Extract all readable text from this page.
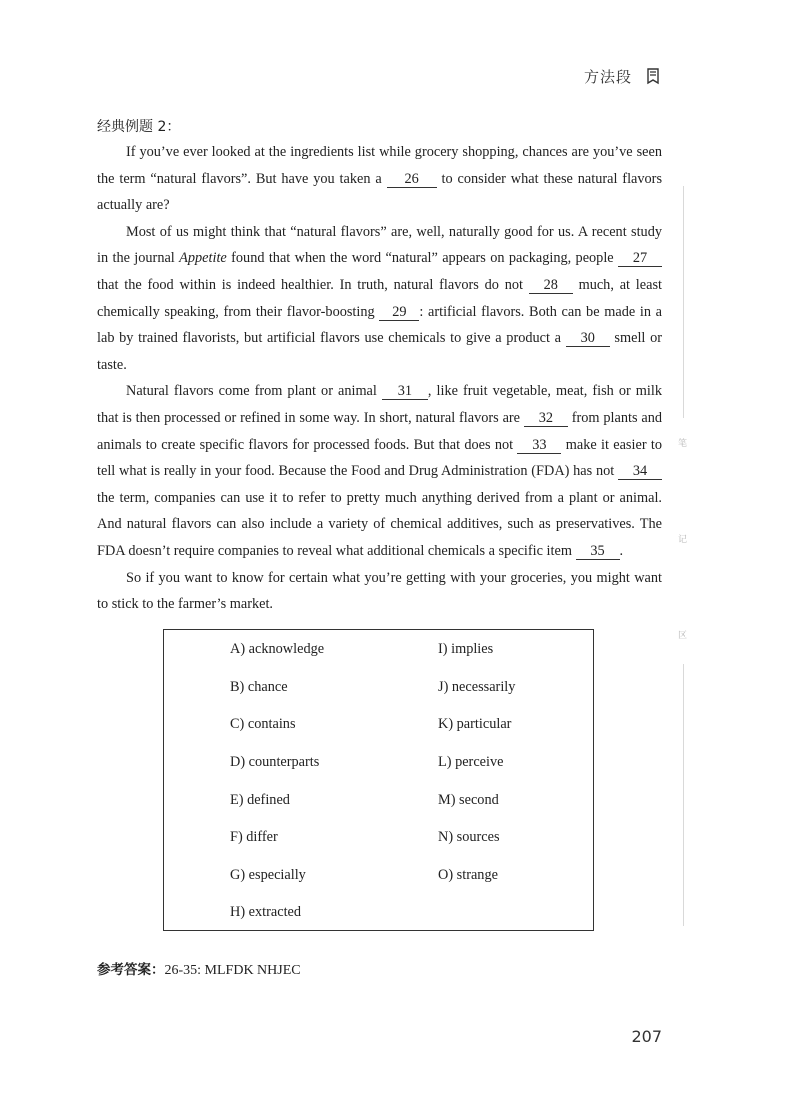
方法段
笔
记
区
经典例题 2：

If you’ve ever looked at the ingredients list while grocery shopping, chances are you’ve seen the term “natural flavors”. But have you taken a 26 to consider what these natural flavors actually are?

Most of us might think that “natural flavors” are, well, naturally good for us. A recent study in the journal Appetite found that when the word “natural” appears on packaging, people 27 that the food within is indeed healthier. In truth, natural flavors do not 28 much, at least chemically speaking, from their flavor-boosting 29 : artificial flavors. Both can be made in a lab by trained flavorists, but artificial flavors use chemicals to give a product a 30 smell or taste.

Natural flavors come from plant or animal 31 , like fruit vegetable, meat, fish or milk that is then processed or refined in some way. In short, natural flavors are 32 from plants and animals to create specific flavors for processed foods. But that does not 33 make it easier to tell what is really in your food. Because the Food and Drug Administration (FDA) has not 34 the term, companies can use it to refer to pretty much anything derived from a plant or animal. And natural flavors can also include a variety of chemical additives, such as preservatives. The FDA doesn’t require companies to reveal what additional chemicals a specific item 35 .

So if you want to know for certain what you’re getting with your groceries, you might want to stick to the farmer’s market.

A) acknowledge
B) chance
C) contains
D) counterparts
E) defined
F) differ
G) especially
H) extracted
I) implies
J) necessarily
K) particular
L) perceive
M) second
N) sources
O) strange
参考答案：26-35: MLFDK NHJEC
207
